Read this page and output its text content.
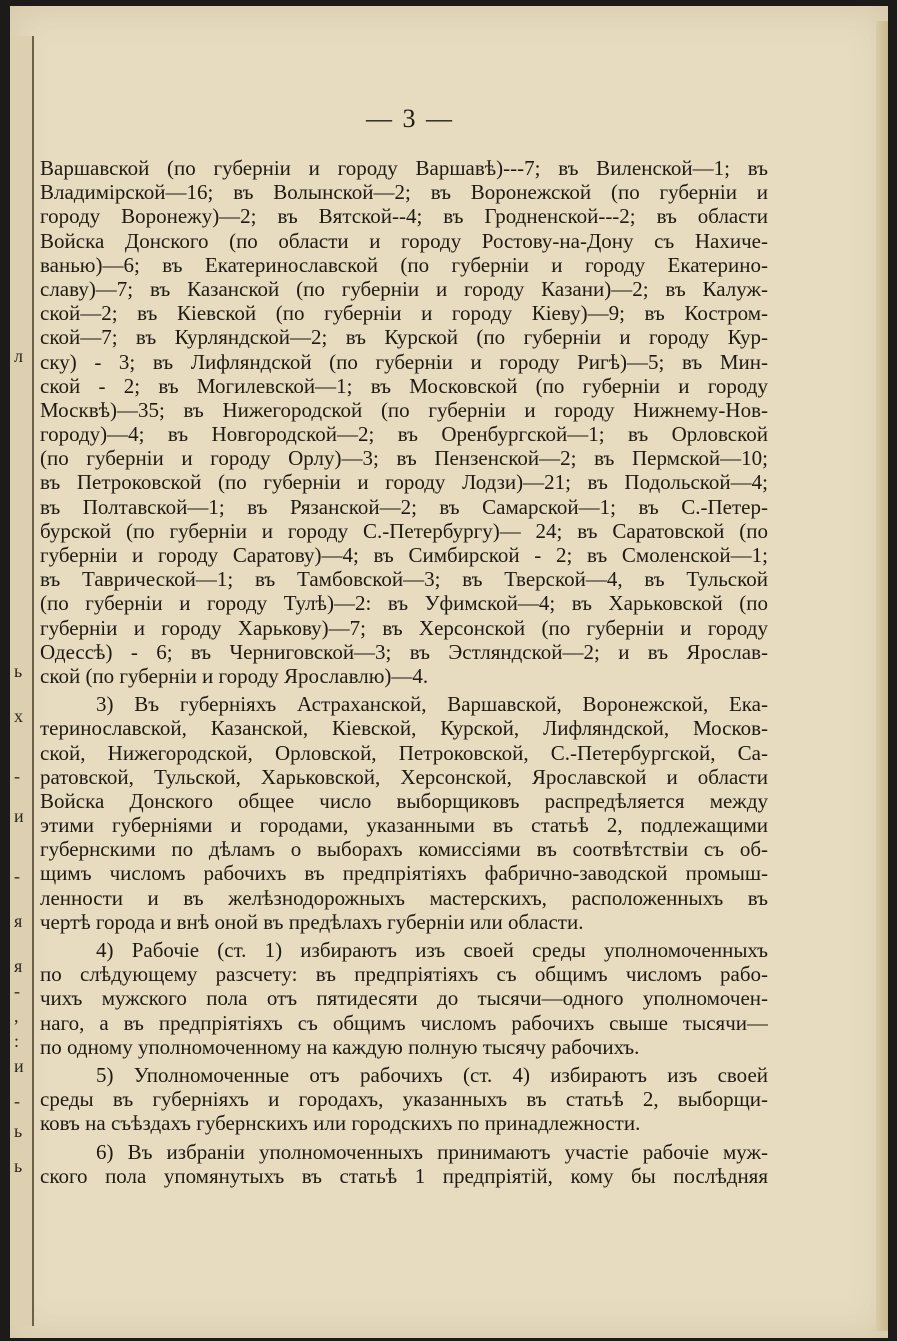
л
ь
х
-
и
-
я
я
-
,
:
и
-
ь
ь
— 3 —
Варшавской (по губерніи и городу Варшавѣ)---7; въ Виленской—1; въ
Владимірской—16; въ Волынской—2; въ Воронежской (по губерніи и
городу Воронежу)—2; въ Вятской--4; въ Гродненской---2; въ области
Войска Донского (по области и городу Ростову-на-Дону съ Нахиче-
ванью)—6; въ Екатеринославской (по губерніи и городу Екатерино-
славу)—7; въ Казанской (по губерніи и городу Казани)—2; въ Калуж-
ской—2; въ Кіевской (по губерніи и городу Кіеву)—9; въ Костром-
ской—7; въ Курляндской—2; въ Курской (по губерніи и городу Кур-
ску) - 3; въ Лифляндской (по губерніи и городу Ригѣ)—5; въ Мин-
ской - 2; въ Могилевской—1; въ Московской (по губерніи и городу
Москвѣ)—35; въ Нижегородской (по губерніи и городу Нижнему-Нов-
городу)—4; въ Новгородской—2; въ Оренбургской—1; въ Орловской
(по губерніи и городу Орлу)—3; въ Пензенской—2; въ Пермской—10;
въ Петроковской (по губерніи и городу Лодзи)—21; въ Подольской—4;
въ Полтавской—1; въ Рязанской—2; въ Самарской—1; въ С.-Петер-
бурской (по губерніи и городу С.-Петербургу)— 24; въ Саратовской (по
губерніи и городу Саратову)—4; въ Симбирской - 2; въ Смоленской—1;
въ Таврической—1; въ Тамбовской—3; въ Тверской—4, въ Тульской
(по губерніи и городу Тулѣ)—2: въ Уфимской—4; въ Харьковской (по
губерніи и городу Харькову)—7; въ Херсонской (по губерніи и городу
Одессѣ) - 6; въ Черниговской—3; въ Эстляндской—2; и въ Ярослав-
ской (по губерніи и городу Ярославлю)—4.
3) Въ губерніяхъ Астраханской, Варшавской, Воронежской, Ека-
теринославской, Казанской, Кіевской, Курской, Лифляндской, Москов-
ской, Нижегородской, Орловской, Петроковской, С.-Петербургской, Са-
ратовской, Тульской, Харьковской, Херсонской, Ярославской и области
Войска Донского общее число выборщиковъ распредѣляется между
этими губерніями и городами, указанными въ статьѣ 2, подлежащими
губернскими по дѣламъ о выборахъ комиссіями въ соотвѣтствіи съ об-
щимъ числомъ рабочихъ въ предпріятіяхъ фабрично-заводской промыш-
ленности и въ желѣзнодорожныхъ мастерскихъ, расположенныхъ въ
чертѣ города и внѣ оной въ предѣлахъ губерніи или области.
4) Рабочіе (ст. 1) избираютъ изъ своей среды уполномоченныхъ
по слѣдующему разсчету: въ предпріятіяхъ съ общимъ числомъ рабо-
чихъ мужского пола отъ пятидесяти до тысячи—одного уполномочен-
наго, а въ предпріятіяхъ съ общимъ числомъ рабочихъ свыше тысячи—
по одному уполномоченному на каждую полную тысячу рабочихъ.
5) Уполномоченные отъ рабочихъ (ст. 4) избираютъ изъ своей
среды въ губерніяхъ и городахъ, указанныхъ въ статьѣ 2, выборщи-
ковъ на съѣздахъ губернскихъ или городскихъ по принадлежности.
6) Въ избраніи уполномоченныхъ принимаютъ участіе рабочіе муж-
ского пола упомянутыхъ въ статьѣ 1 предпріятій, кому бы послѣдняя
